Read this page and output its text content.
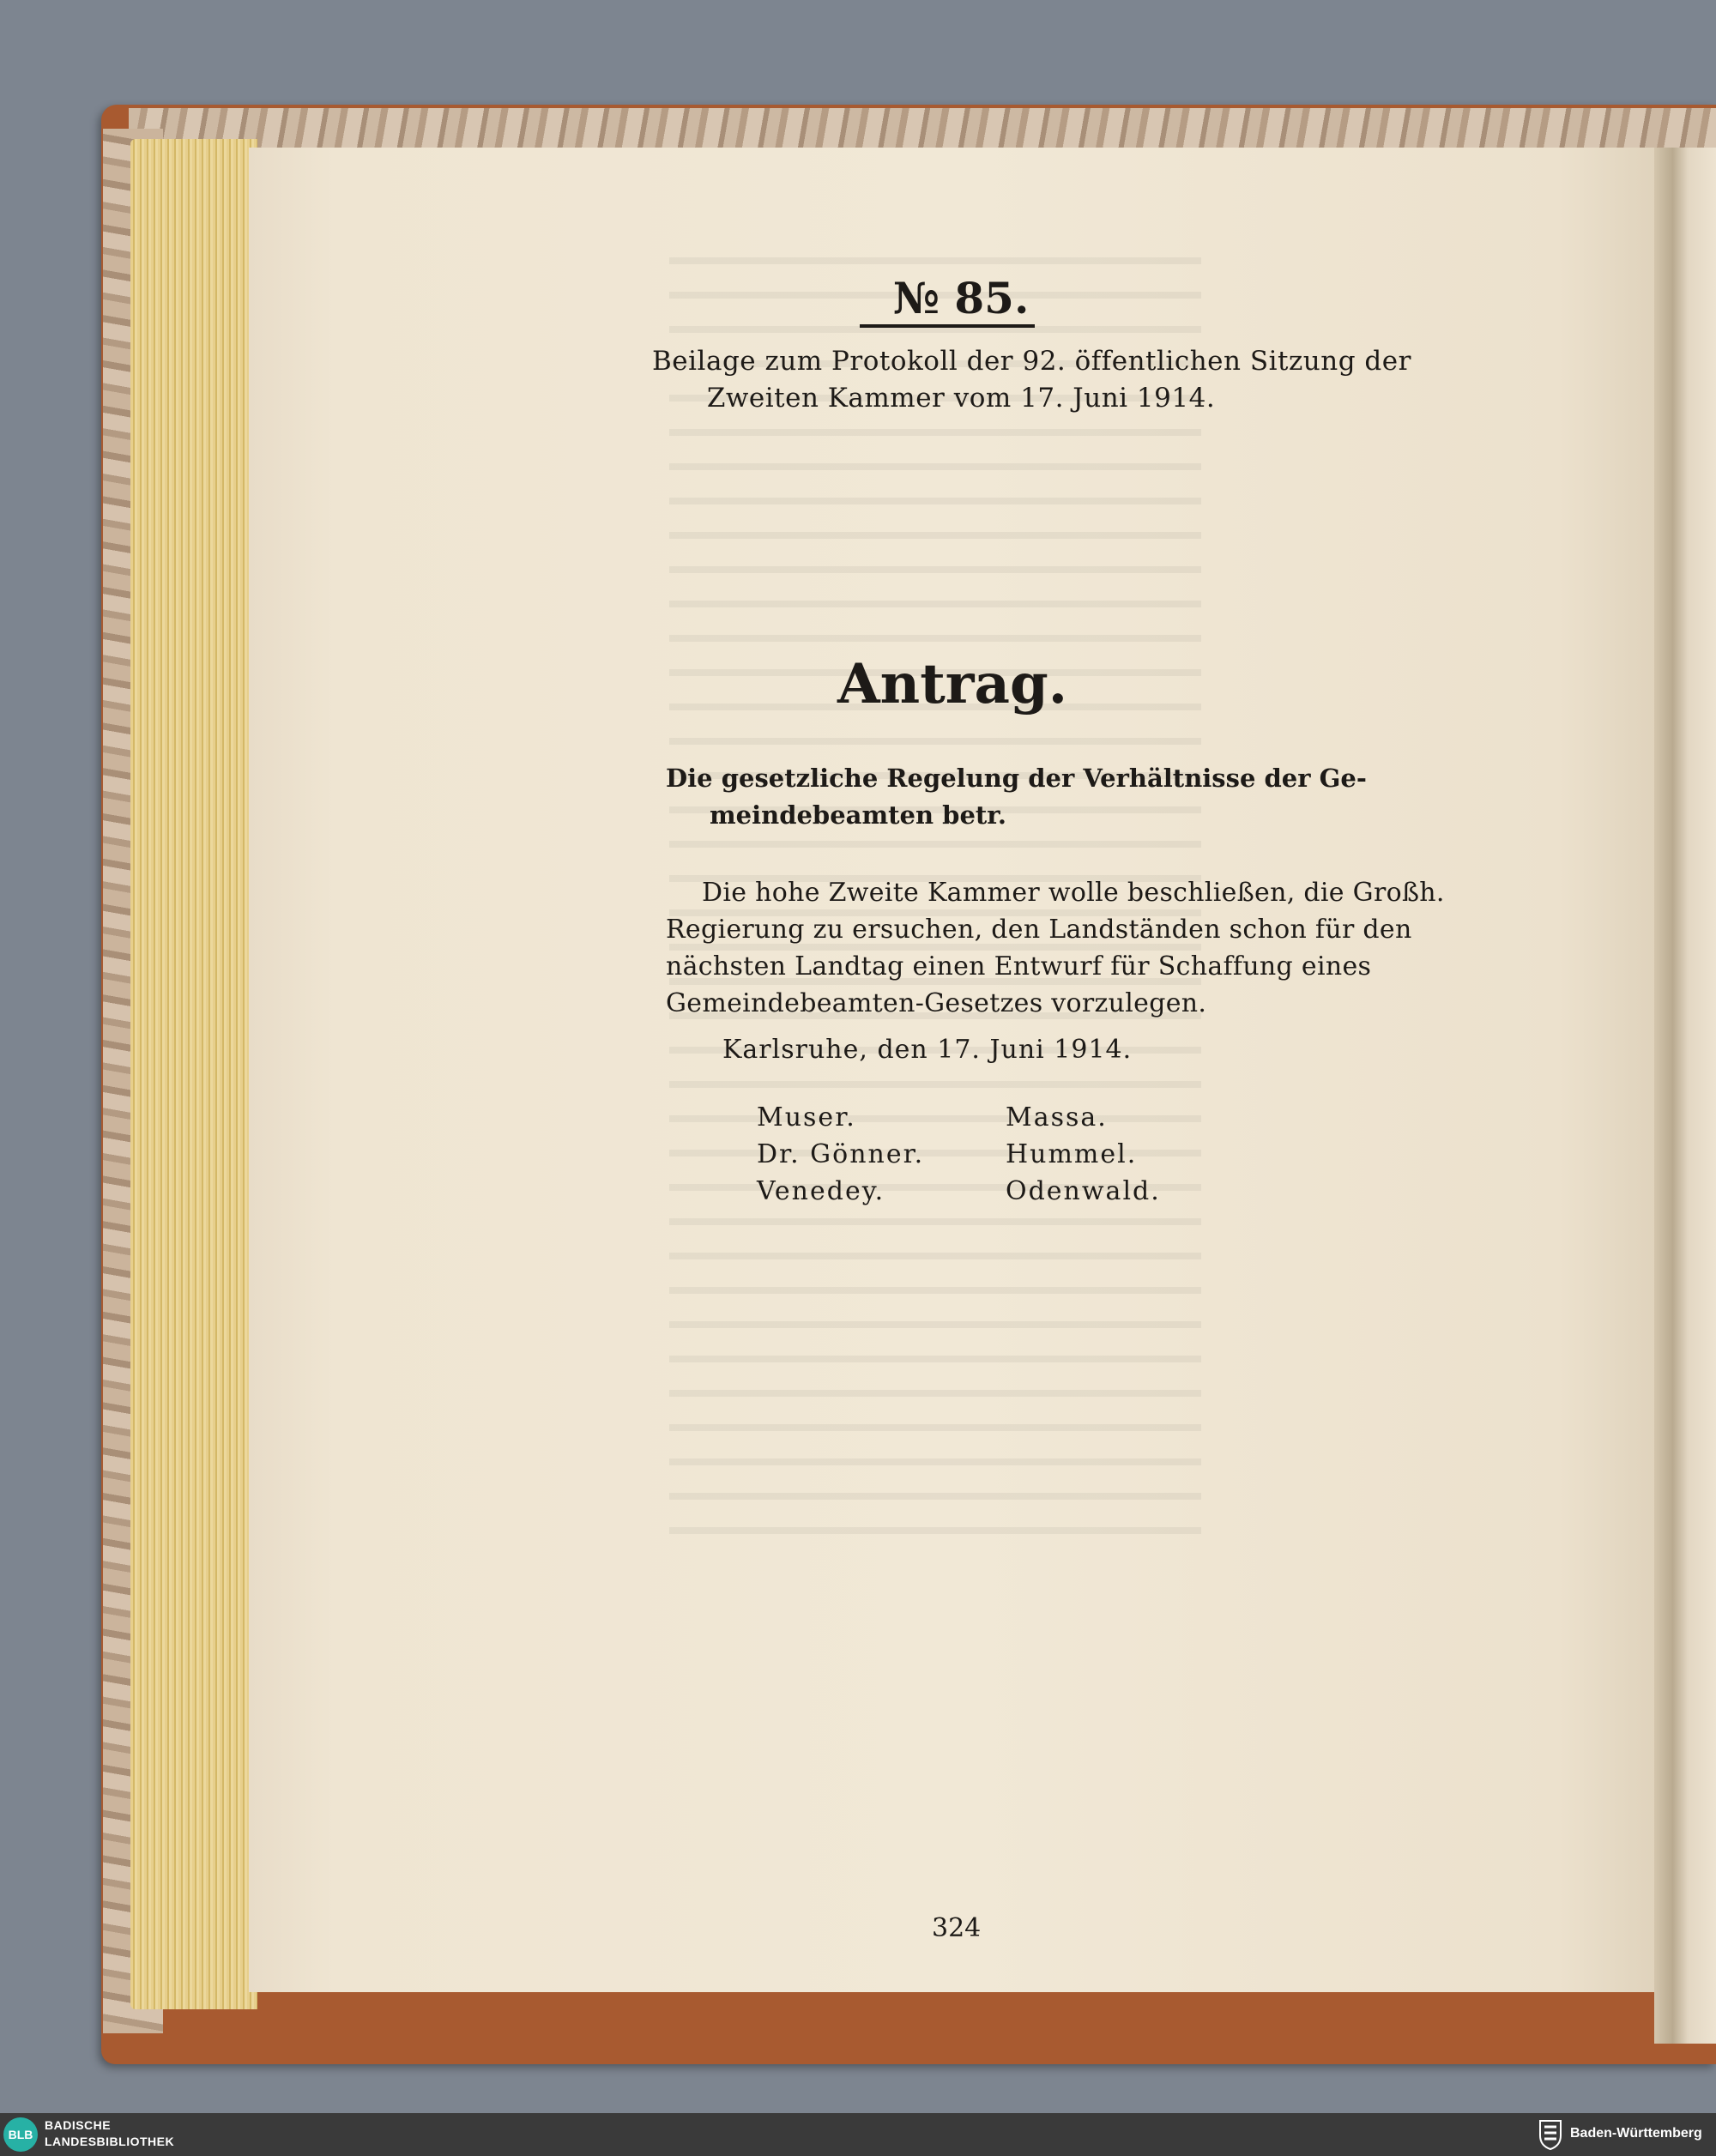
№ 85.
Beilage zum Protokoll der 92. öffentlichen Sitzung der
Zweiten Kammer vom 17. Juni 1914.
Antrag.
Die gesetzliche Regelung der Verhältnisse der Ge-
meindebeamten betr.
Die hohe Zweite Kammer wolle beschließen, die Großh.
Regierung zu ersuchen, den Landständen schon für den
nächsten Landtag einen Entwurf für Schaffung eines
Gemeindebeamten-Gesetzes vorzulegen.
Karlsruhe, den 17. Juni 1914.
Muser.
Dr. Gönner.
Venedey.
Massa.
Hummel.
Odenwald.
324
BLB
BADISCHE
LANDESBIBLIOTHEK
Baden-Württemberg
